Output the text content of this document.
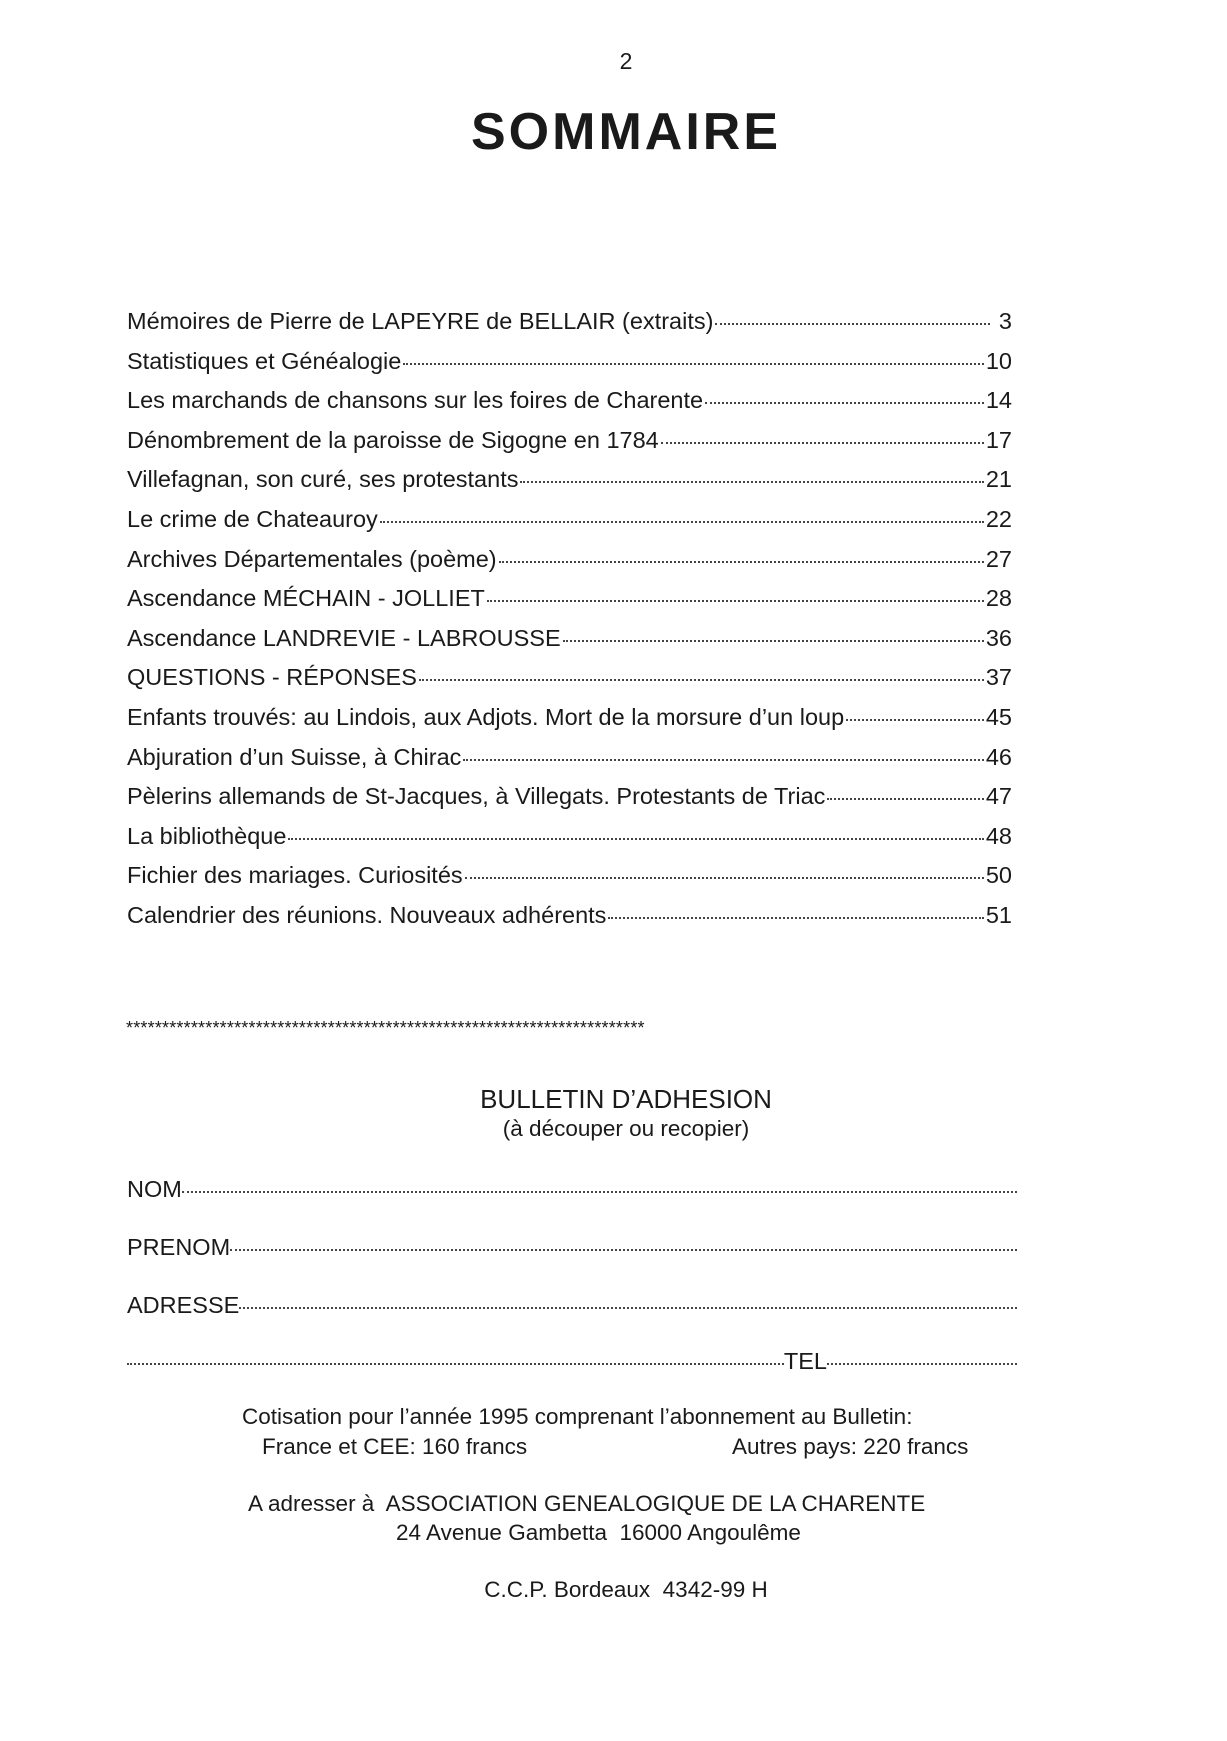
2
SOMMAIRE
Mémoires de Pierre de LAPEYRE de BELLAIR (extraits)	3
Statistiques et Généalogie	10
Les marchands de chansons sur les foires de Charente	14
Dénombrement de la paroisse de Sigogne en 1784	17
Villefagnan, son curé, ses protestants	21
Le crime de Chateauroy	22
Archives Départementales (poème)	27
Ascendance MÉCHAIN - JOLLIET	28
Ascendance LANDREVIE - LABROUSSE	36
QUESTIONS - RÉPONSES	37
Enfants trouvés: au Lindois, aux Adjots. Mort de la morsure d’un loup	45
Abjuration d’un Suisse, à Chirac	46
Pèlerins allemands de St-Jacques, à Villegats. Protestants de Triac	47
La bibliothèque	48
Fichier des mariages. Curiosités	50
Calendrier des réunions. Nouveaux adhérents	51
************************************************************************
BULLETIN D’ADHESION
(à découper ou recopier)
NOM
PRENOM
ADRESSE
TEL
Cotisation pour l’année 1995 comprenant l’abonnement au Bulletin:
France et CEE: 160 francs	Autres pays: 220 francs
A adresser à  ASSOCIATION GENEALOGIQUE DE LA CHARENTE
24 Avenue Gambetta  16000 Angoulême
C.C.P. Bordeaux  4342-99 H
